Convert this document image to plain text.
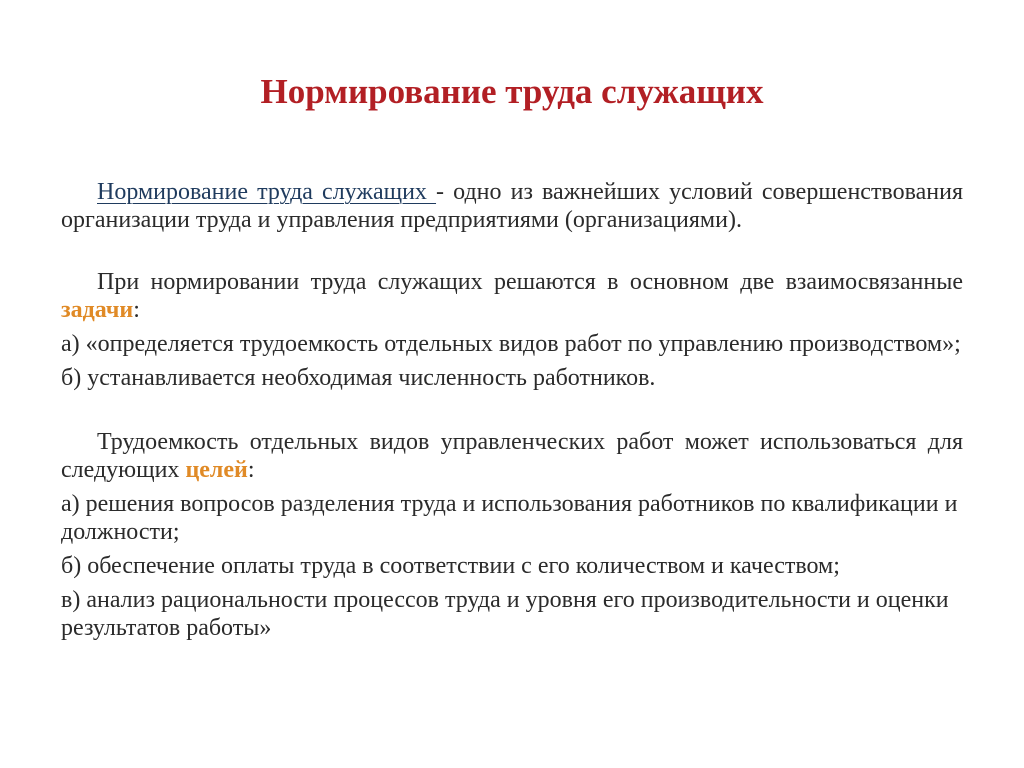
Нормирование труда служащих

Нормирование труда служащих - одно из важнейших условий совершенствования организации труда и управления предприятиями (организациями).

При нормировании труда служащих решаются в основном две взаимосвязанные задачи:

а) «определяется трудоемкость отдельных видов работ по управлению производством»;

б) устанавливается необходимая численность работников.

Трудоемкость отдельных видов управленческих работ может использоваться для следующих целей:

а) решения вопросов разделения труда и использования работников по квалификации и должности;

б) обеспечение оплаты труда в соответствии с его количеством и качеством;

в) анализ рациональности процессов труда и уровня его производительности и оценки результатов работы»
